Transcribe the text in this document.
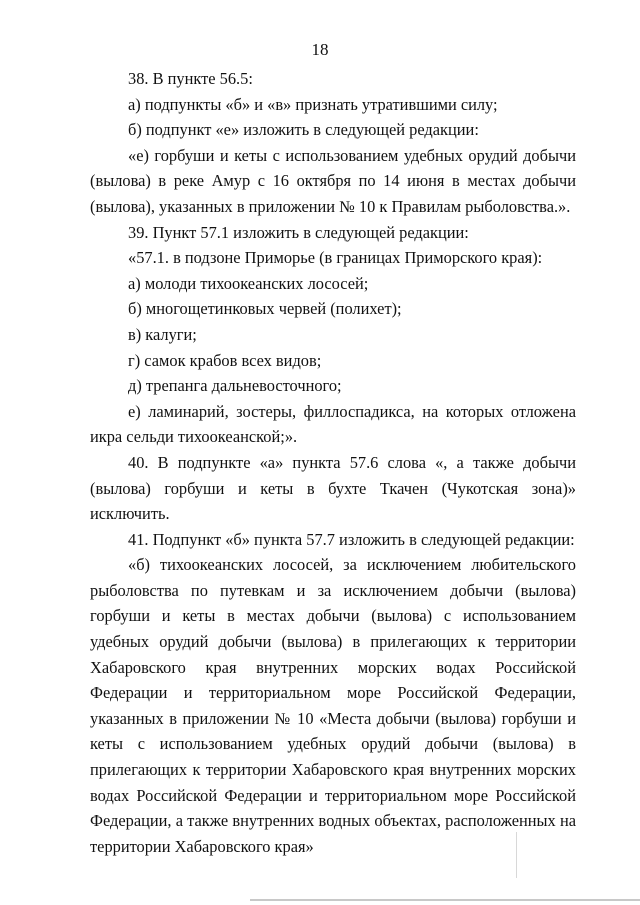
18

38. В пункте 56.5:

а) подпункты «б» и «в» признать утратившими силу;

б) подпункт «е» изложить в следующей редакции:

«е) горбуши и кеты с использованием удебных орудий добычи (вылова) в реке Амур с 16 октября по 14 июня в местах добычи (вылова), указанных в приложении № 10 к Правилам рыболовства.».

39. Пункт 57.1 изложить в следующей редакции:

«57.1. в подзоне Приморье (в границах Приморского края):

а) молоди тихоокеанских лососей;

б) многощетинковых червей (полихет);

в) калуги;

г) самок крабов всех видов;

д) трепанга дальневосточного;

е) ламинарий, зостеры, филлоспадикса, на которых отложена икра сельди тихоокеанской;».

40. В подпункте «а» пункта 57.6 слова «, а также добычи (вылова) горбуши и кеты в бухте Ткачен (Чукотская зона)» исключить.

41. Подпункт «б» пункта 57.7 изложить в следующей редакции:

«б) тихоокеанских лососей, за исключением любительского рыболовства по путевкам и за исключением добычи (вылова) горбуши и кеты в местах добычи (вылова) с использованием удебных орудий добычи (вылова) в прилегающих к территории Хабаровского края внутренних морских водах Российской Федерации и территориальном море Российской Федерации, указанных в приложении № 10 «Места добычи (вылова) горбуши и кеты с использованием удебных орудий добычи (вылова) в прилегающих к территории Хабаровского края внутренних морских водах Российской Федерации и территориальном море Российской Федерации, а также внутренних водных объектах, расположенных на территории Хабаровского края»
